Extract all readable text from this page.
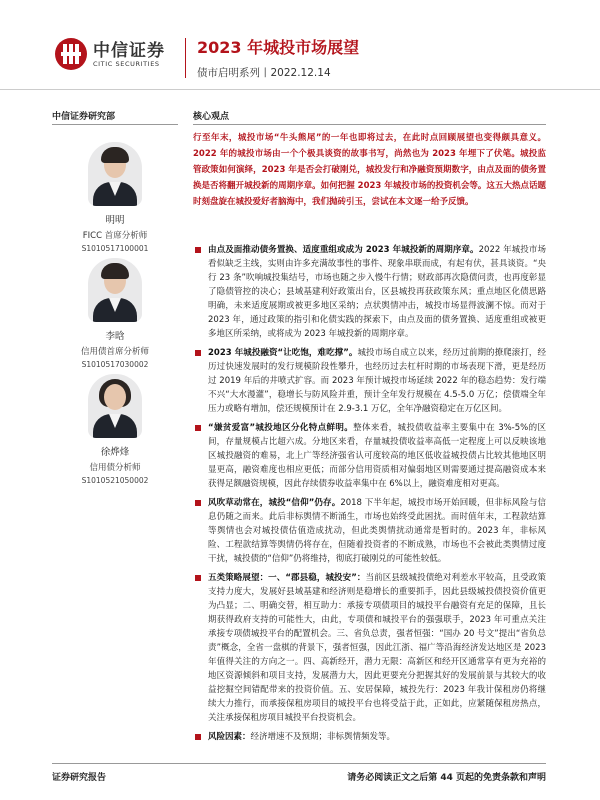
中信证券
CITIC SECURITIES
2023 年城投市场展望
债市启明系列丨2022.12.14
中信证券研究部
明明
FICC 首席分析师
S1010517100001
李晗
信用债首席分析师
S1010517030002
徐烨烽
信用债分析师
S1010521050002
核心观点
行至年末，城投市场“牛头熊尾”的一年也即将过去，在此时点回顾展望也变得颇具意义。2022 年的城投市场由一个个极具谈资的故事书写，尚然也为 2023 年埋下了伏笔。城投监管政策如何演绎，2023 年是否会打破刚兑，城投发行和净融资预期数字，由点及面的债务置换是否将翻开城投新的周期序章。如何把握 2023 年城投市场的投资机会等。这五大热点话题时刻盘旋在城投爱好者脑海中，我们抛砖引玉，尝试在本文逐一给予反馈。
由点及面推动债务置换、适度重组或成为 2023 年城投新的周期序章。2022 年城投市场看似缺乏主线，实则由许多充满故事性的事件、现象串联而成，有起有伏，甚具谈资。“央行 23 条”吹响城投集结号，市场也随之步入慢牛行情；财政部再次隐债问责，也再度彰显了隐债管控的决心；县域基建利好政策出台，区县城投再获政策东风；重点地区化债思路明确，未来适度展期或被更多地区采纳；点状舆情冲击，城投市场显得波澜不惊。而对于 2023 年，通过政策的指引和化债实践的探索下，由点及面的债务置换、适度重组或被更多地区所采纳，或将成为 2023 年城投新的周期序章。
2023 年城投融资“让吃饱，难吃撑”。城投市场自成立以来，经历过前期的撩爬滚打，经历过快速发展时的发行规模阶段性攀升，也经历过去杠杆时期的市场表现下滑，更是经历过 2019 年后的井喷式扩容。而 2023 年预计城投市场延续 2022 年的稳态趋势：发行端不兴“大水漫灌”，稳增长与防风险并重，预计全年发行规模在 4.5-5.0 万亿；偿债端全年压力或略有增加，偿还规模预计在 2.9-3.1 万亿，全年净融资稳定在万亿区间。
“嫌贫爱富”城投地区分化特点鲜明。整体来看，城投债收益率主要集中在 3%-5%的区间，存量规模占比超六成。分地区来看，存量城投债收益率高低一定程度上可以反映该地区城投融资的难易，北上广等经济强省认可度较高的地区低收益城投债占比较其他地区明显更高，融资难度也相应更低；而部分信用资质相对偏弱地区则需要通过提高融资成本来获得足额融资规模，因此存续债券收益率集中在 6%以上，融资难度相对更高。
风吹草动常在，城投“信仰”仍存。2018 下半年起，城投市场开始回暖，但非标风险与信息仍随之而来。此后非标舆情不断涌生，市场也始终受此困扰。而时值年末，工程款结算等舆情也会对城投债估值造成扰动，但此类舆情扰动通常是暂时的。2023 年，非标风险、工程款结算等舆情仍将存在，但随着投资者的不断成熟，市场也不会被此类舆情过度干扰，城投债的“信仰”仍将维持，彻底打破刚兑的可能性较低。
五类策略展望：一、“郡县稳，城投安”：当前区县级城投债绝对利差水平较高，且受政策支持力度大，发展好县域基建和经济则是稳增长的重要抓手，因此县级城投债投资价值更为凸显；二、明确交替，相互助力：承接专项债项目的城投平台融资有充足的保障，且长期获得政府支持的可能性大，由此，专项债和城投平台的强强联手，2023 年可重点关注承接专项债城投平台的配置机会。三、省负总责，强者恒强：“国办 20 号文”提出“省负总责”概念，全省一盘棋的背景下，强者恒强，因此江浙、福广等沿海经济发达地区是 2023 年值得关注的方向之一。四、高新经开，潜力无限：高新区和经开区通常享有更为充裕的地区资源倾斜和项目支持，发展潜力大，因此更要充分把握其好的发展前景与其较大的收益挖掘空间错配带来的投资价值。五、安居保障，城投先行：2023 年我计保租房仍将继续大力推行，而承接保租房项目的城投平台也将受益于此，正如此，应紧随保租房热点，关注承接保租房项目城投平台投资机会。
风险因素：经济增速不及预期；非标舆情频发等。
证券研究报告	请务必阅读正文之后第 44 页起的免责条款和声明
